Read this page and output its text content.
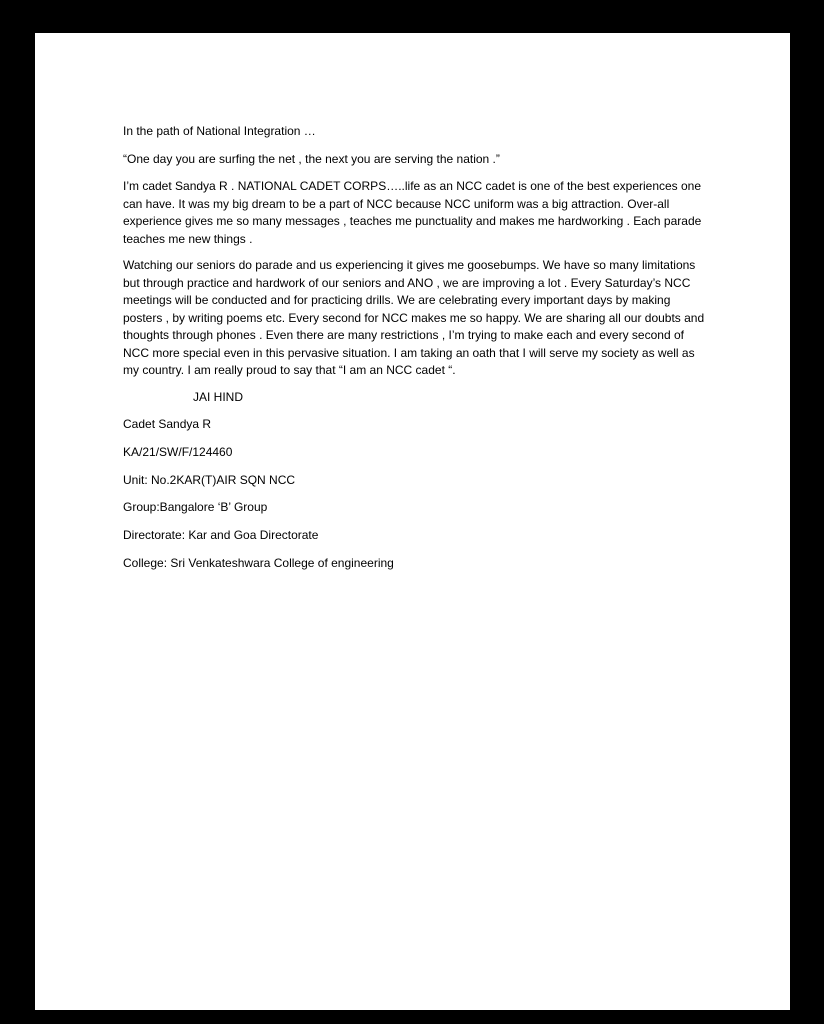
In the path of National Integration …

“One day you are surfing the net , the next you are serving the nation .”

I’m cadet Sandya R . NATIONAL CADET CORPS…..life as an NCC cadet is one of the best experiences one can have. It was my big dream to be a part of NCC because NCC uniform was a big attraction. Over-all experience gives me so many messages , teaches me punctuality and makes me hardworking . Each parade teaches me new things .

Watching our seniors do parade and us experiencing it gives me goosebumps. We have so many limitations but through practice and hardwork of our seniors and ANO , we are improving a lot . Every Saturday’s NCC meetings will be conducted and for practicing drills. We are celebrating every important days by making posters , by writing poems etc. Every second for NCC makes me so happy. We are sharing all our doubts and thoughts through phones . Even there are many restrictions , I’m trying to make each and every second of NCC more special even in this pervasive situation. I am taking an oath that I will serve my society as well as my country. I am really proud to say that “I am an NCC cadet “.

JAI HIND

Cadet Sandya R

KA/21/SW/F/124460

Unit: No.2KAR(T)AIR SQN NCC

Group:Bangalore ‘B’ Group

Directorate: Kar and Goa Directorate

College: Sri Venkateshwara College of engineering
